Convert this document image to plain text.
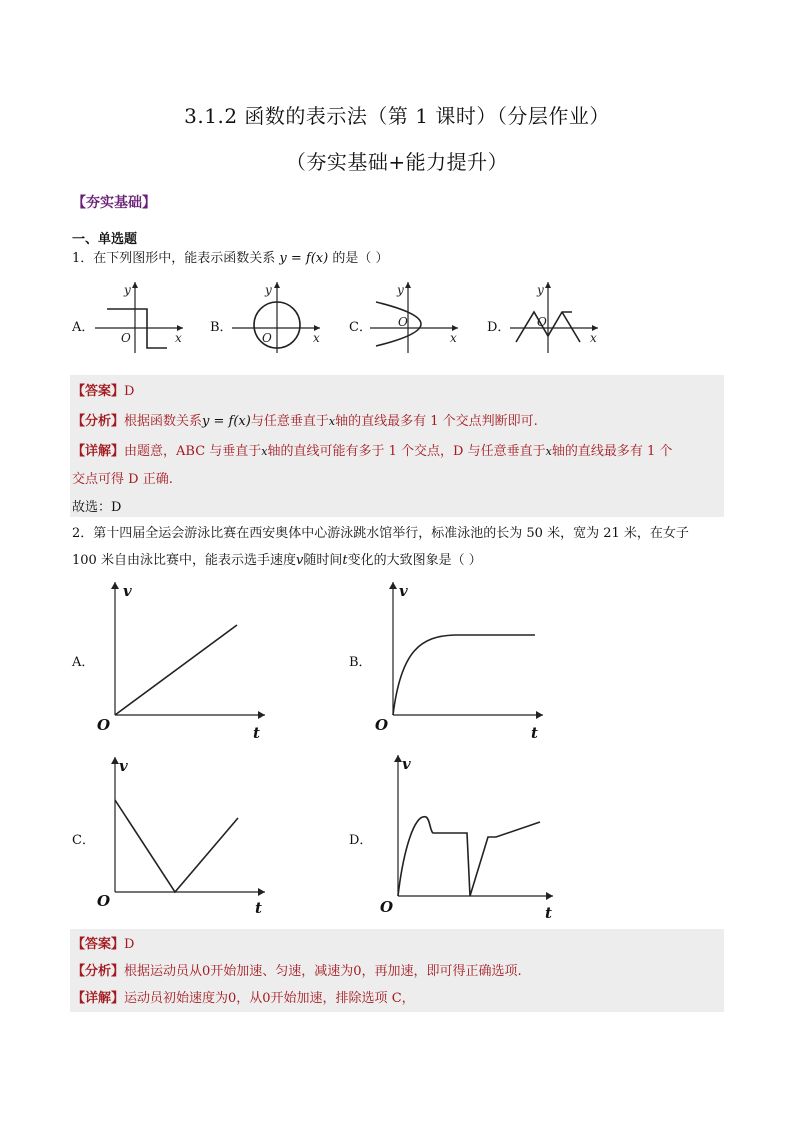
3.1.2 函数的表示法（第 1 课时）（分层作业）
（夯实基础+能力提升）
【夯实基础】
一、单选题
1．在下列图形中，能表示函数关系 y = f(x) 的是（ ）
A．	B．	C．	D．
y
O	x
y
O	x
y
O
x
y
O
x
【答案】D
【分析】根据函数关系y = f(x)与任意垂直于x轴的直线最多有 1 个交点判断即可.
【详解】由题意，ABC 与垂直于x轴的直线可能有多于 1 个交点，D 与任意垂直于x轴的直线最多有 1 个
交点可得 D 正确.
故选：D
2．第十四届全运会游泳比赛在西安奥体中心游泳跳水馆举行，标准泳池的长为 50 米，宽为 21 米，在女子
100 米自由泳比赛中，能表示选手速度v随时间t变化的大致图象是（ ）
A．	B．
C．	D．
v
O	t
v
O	t
v
O	t
v
O	t
【答案】D
【分析】根据运动员从0开始加速、匀速，减速为0，再加速，即可得正确选项.
【详解】运动员初始速度为0，从0开始加速，排除选项 C，
